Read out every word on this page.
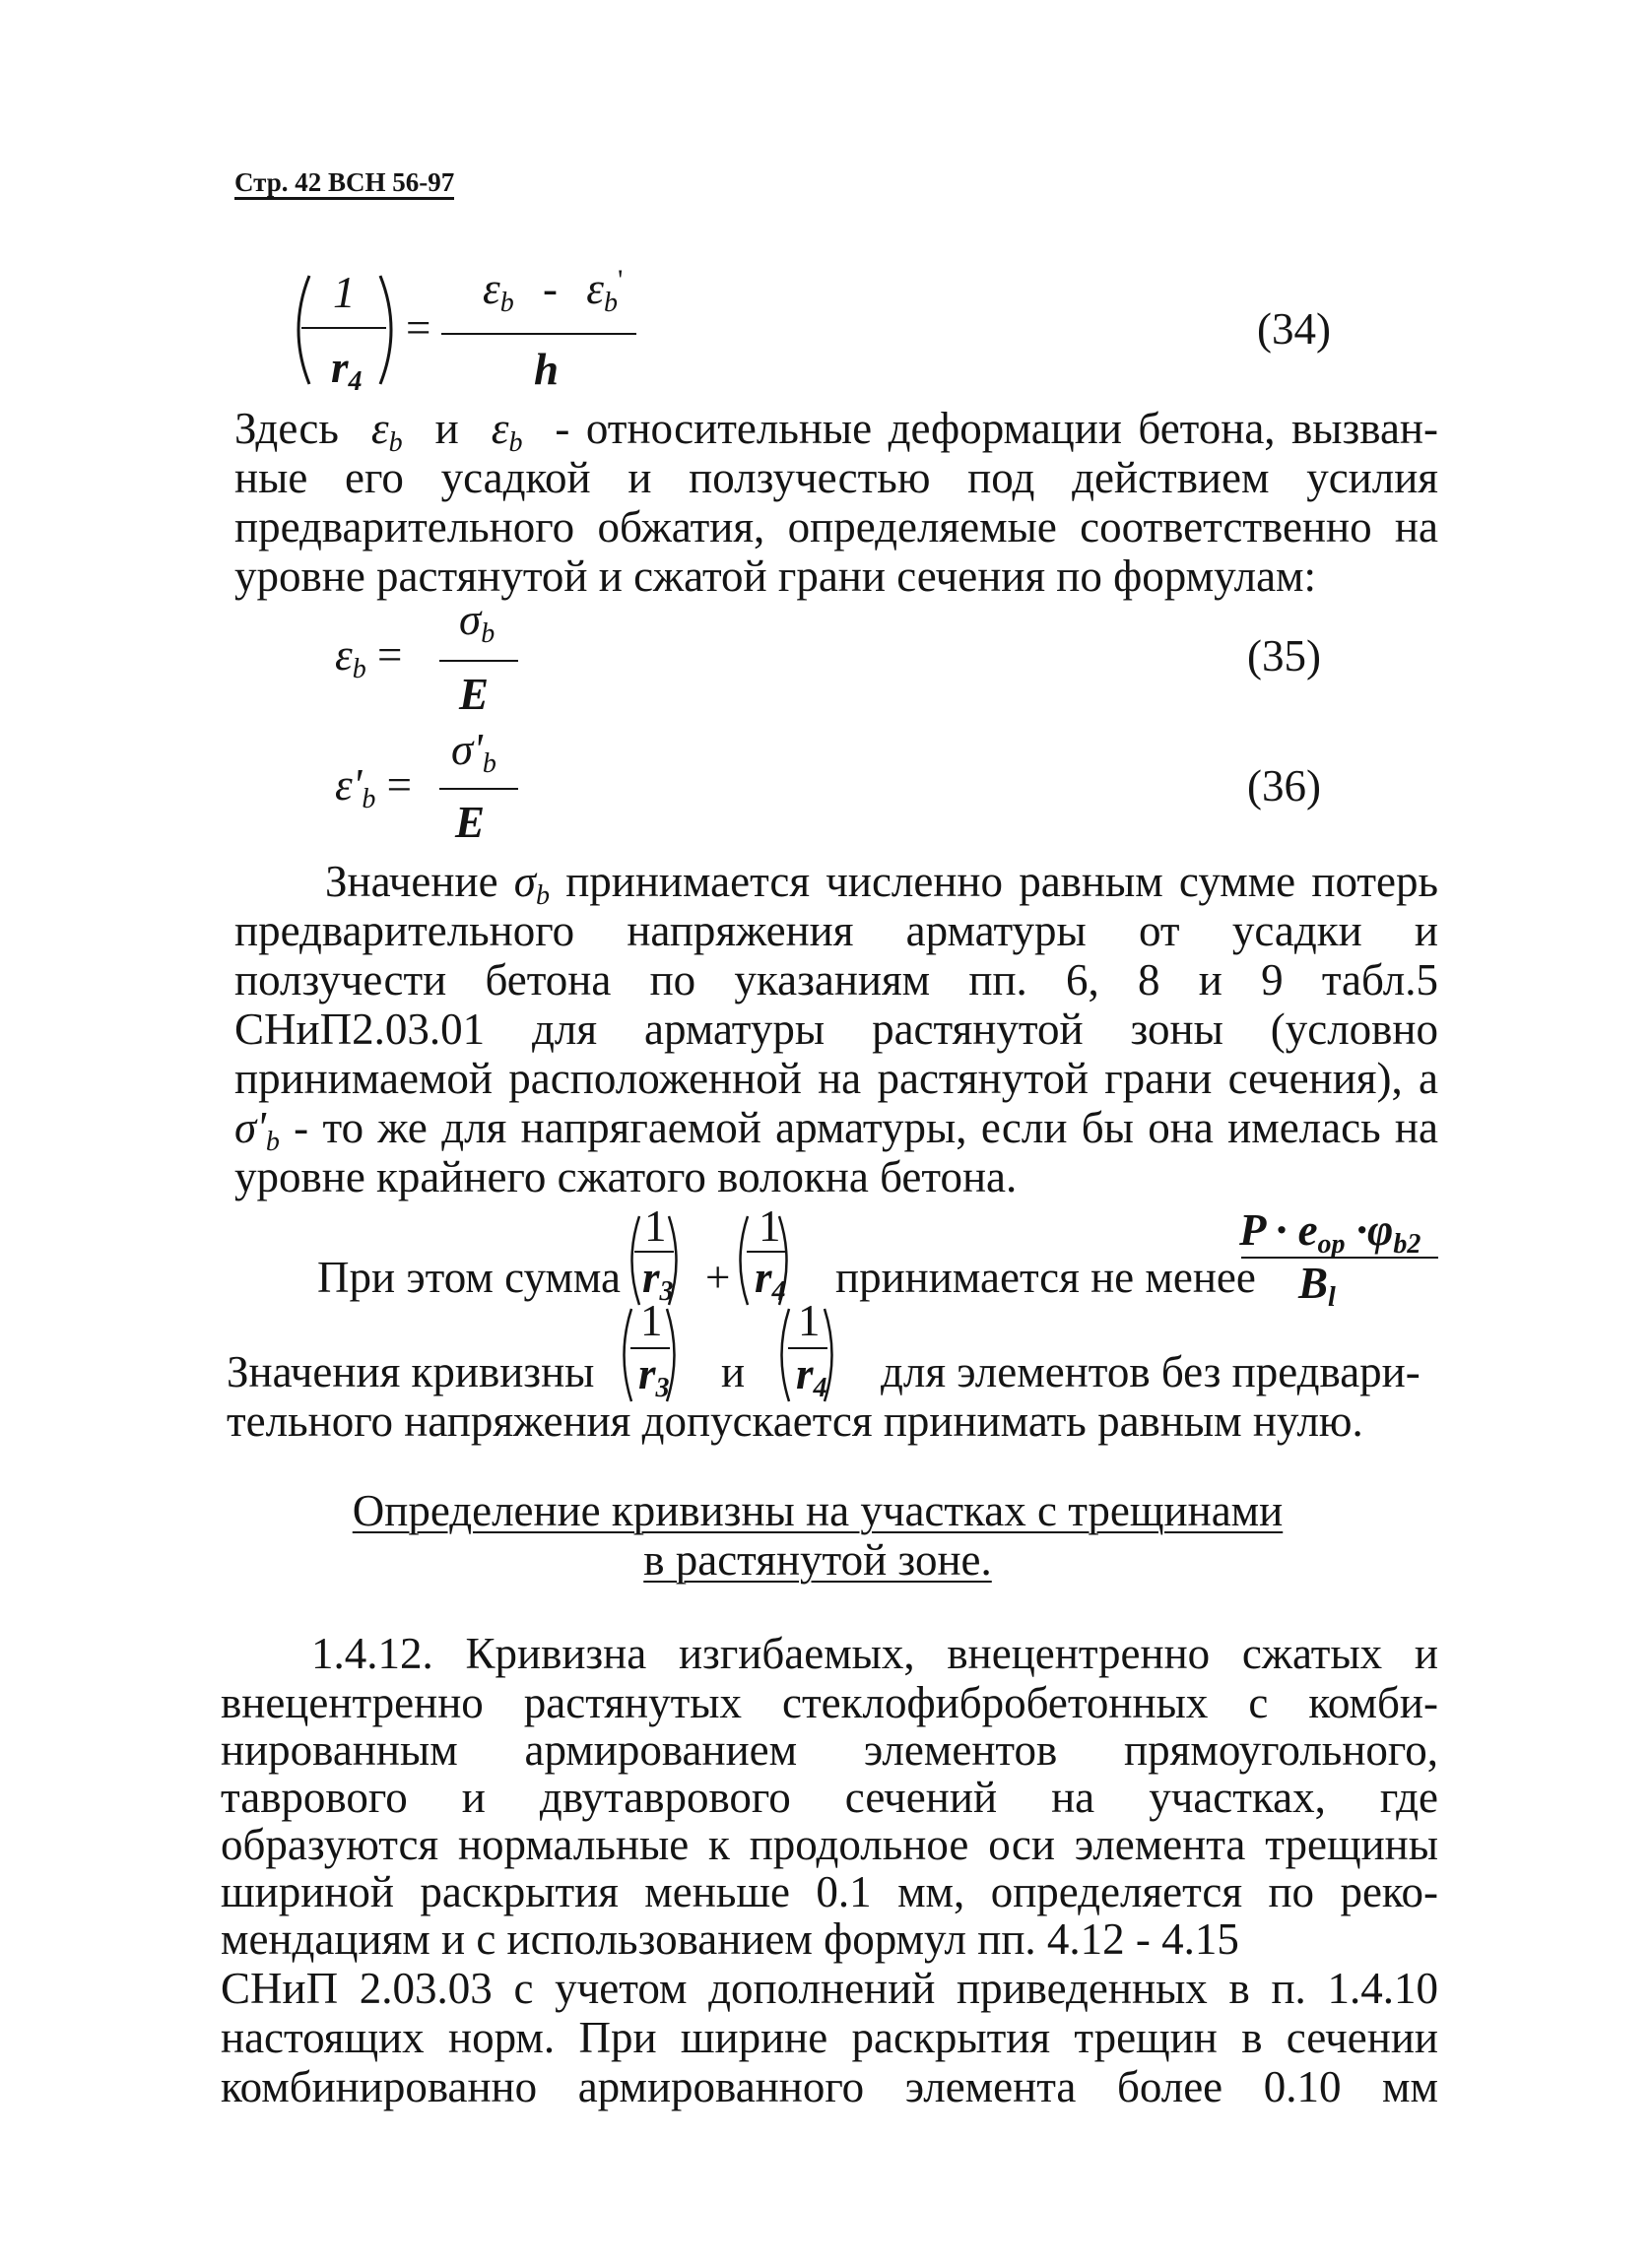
Стр. 42 ВСН 56-97
1
r4
=
εb - εb'
h
(34)
Здесь εb и εb - относительные деформации бетона, вызван-
ные его усадкой и ползучестью под действием усилия
предварительного обжатия, определяемые соответственно на
уровне растянутой и сжатой грани сечения по формулам:
σb
εb =
E
(35)
σ'b
ε'b =
E
(36)
Значение σb принимается численно равным сумме потерь
предварительного напряжения арматуры от усадки и
ползучести бетона по указаниям пп. 6, 8 и 9 табл.5
СНиП2.03.01 для арматуры растянутой зоны (условно
принимаемой расположенной на растянутой грани сечения), а
σ'b - то же для напрягаемой арматуры, если бы она имелась на
уровне крайнего сжатого волокна бетона.
При этом сумма
1
r3 +
1
r4 принимается не менее
P · eop ·φb2
Bl
Значения кривизны
1
r3 и
1
r4 для элементов без предвари-
тельного напряжения допускается принимать равным нулю.
Определение кривизны на участках с трещинами
в растянутой зоне.
1.4.12. Кривизна изгибаемых, внецентренно сжатых и
внецентренно растянутых стеклофибробетонных с комби-
нированным армированием элементов прямоугольного,
таврового и двутаврового сечений на участках, где
образуются нормальные к продольное оси элемента трещины
шириной раскрытия меньше 0.1 мм, определяется по реко-
мендациям и с использованием формул пп. 4.12 - 4.15
СНиП 2.03.03 с учетом дополнений приведенных в п. 1.4.10
настоящих норм. При ширине раскрытия трещин в сечении
комбинированно армированного элемента более 0.10 мм
